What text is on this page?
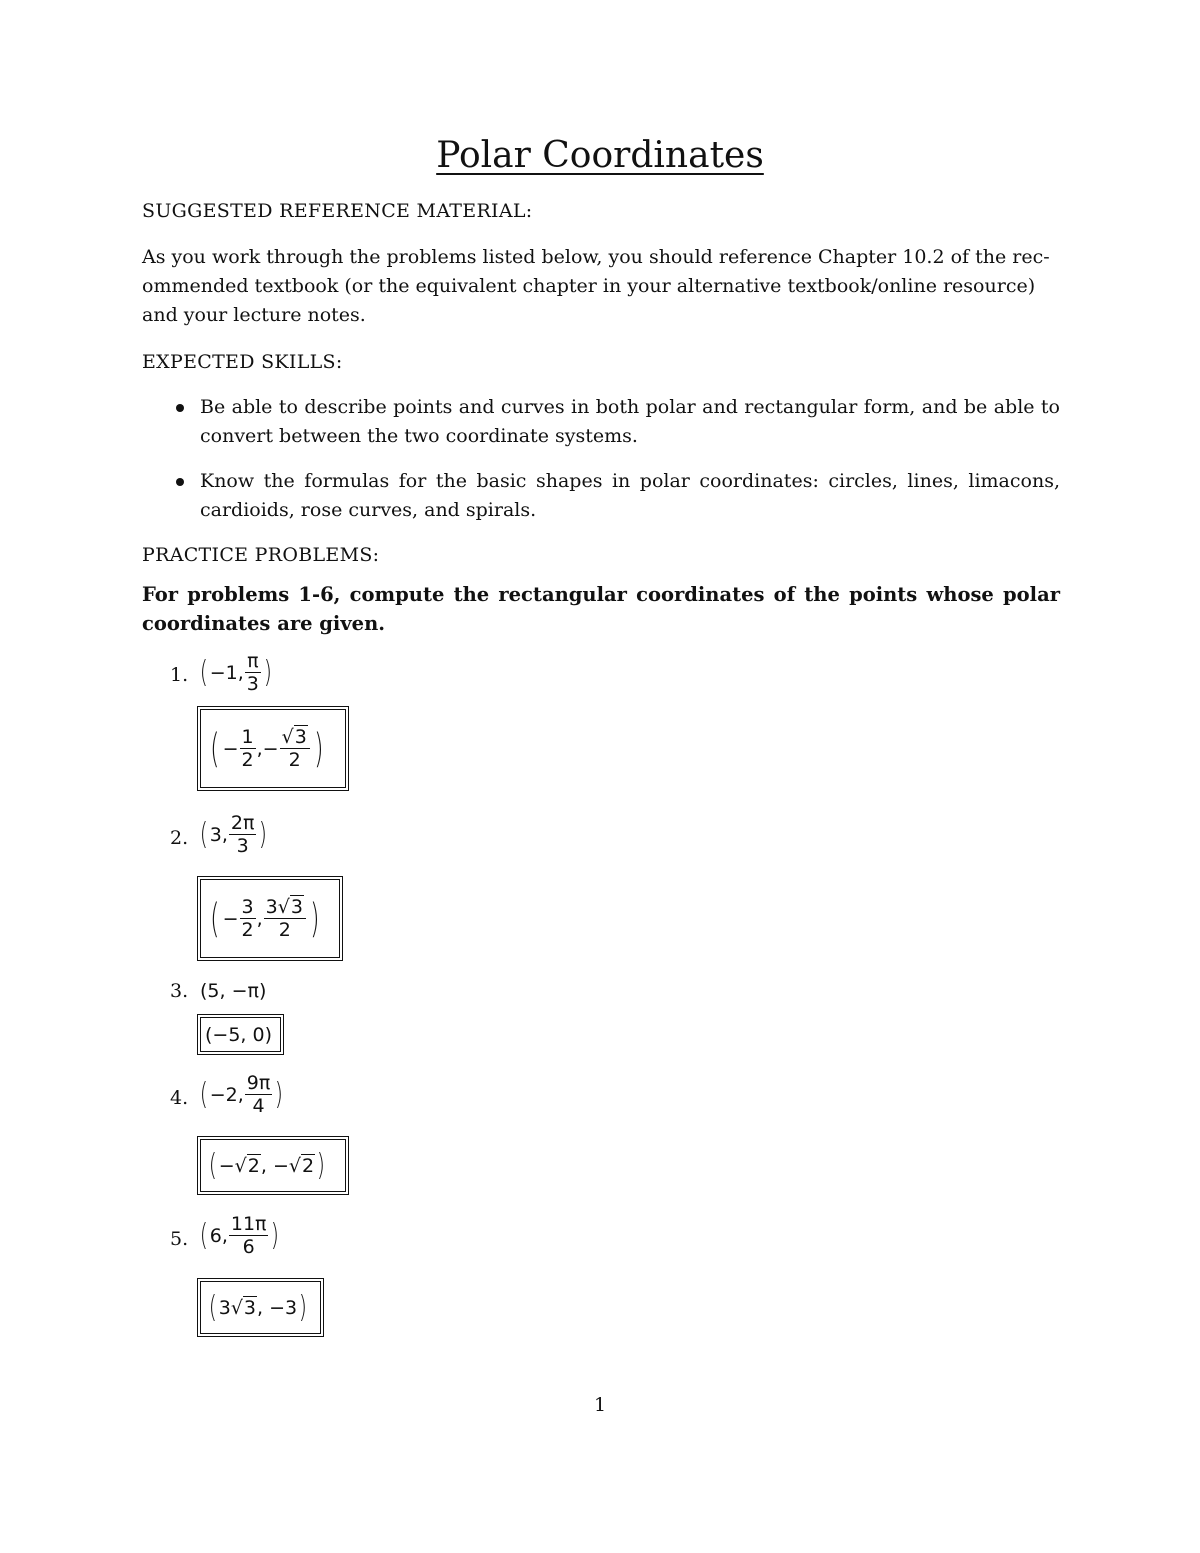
Polar Coordinates
SUGGESTED REFERENCE MATERIAL:
As you work through the problems listed below, you should reference Chapter 10.2 of the rec-
ommended textbook (or the equivalent chapter in your alternative textbook/online resource)
and your lecture notes.
EXPECTED SKILLS:
Be able to describe points and curves in both polar and rectangular form, and be able to convert between the two coordinate systems.
Know the formulas for the basic shapes in polar coordinates: circles, lines, limacons, cardioids, rose curves, and spirals.
PRACTICE PROBLEMS:
For problems 1-6, compute the rectangular coordinates of the points whose polar coordinates are given.
1. (−1, $\frac{\pi}{3}$ )
( − $\frac{1}{2}$ , − $\frac{√3}{2}$ )
2. (3, $\frac{2\pi}{3}$ )
( − $\frac{3}{2}$ , $\frac{3√3}{2}$ )
3. (5, −π)
(−5, 0)
4. (−2, $\frac{9\pi}{4}$ )
( − √2 , − √2 )
5. (6, $\frac{11\pi}{6}$ )
( 3 √3 , −3 )
1
